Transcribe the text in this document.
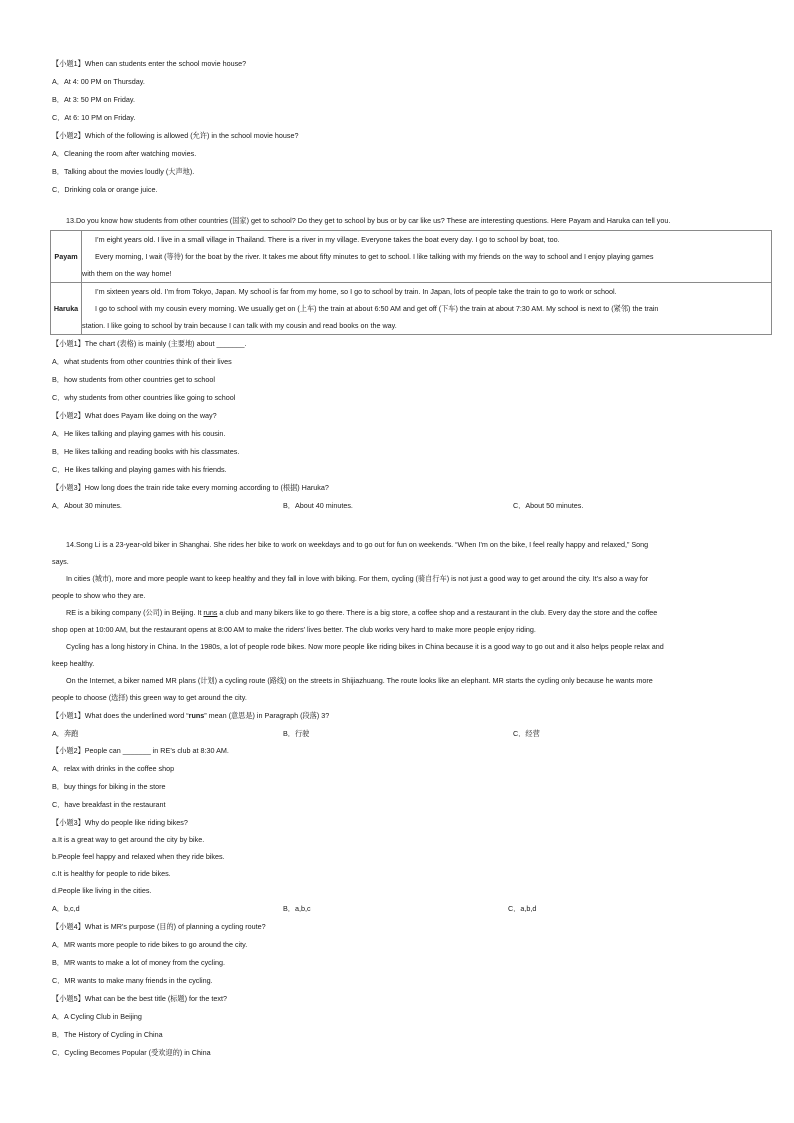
【小题1】When can students enter the school movie house?
A．At 4: 00 PM on Thursday.
B．At 3: 50 PM on Friday.
C．At 6: 10 PM on Friday.
【小题2】Which of the following is allowed (允许) in the school movie house?
A．Cleaning the room after watching movies.
B．Talking about the movies loudly (大声地).
C．Drinking cola or orange juice.
13.Do you know how students from other countries (国家) get to school? Do they get to school by bus or by car like us? These are interesting questions. Here Payam and Haruka can tell you.
Payam	I’m eight years old. I live in a small village in Thailand. There is a river in my village. Everyone takes the boat every day. I go to school by boat, too.

Every morning, I wait (等待) for the boat by the river. It takes me about fifty minutes to get to school. I like talking with my friends on the way to school and I enjoy playing games

with them on the way home!

Haruka	I’m sixteen years old. I’m from Tokyo, Japan. My school is far from my home, so I go to school by train. In Japan, lots of people take the train to go to work or school.

I go to school with my cousin every morning. We usually get on (上车) the train at about 6:50 AM and get off (下车) the train at about 7:30 AM. My school is next to (紧邻) the train

station. I like going to school by train because I can talk with my cousin and read books on the way.

【小题1】The chart (表格) is mainly (主要地) about _______.
A．what students from other countries think of their lives
B．how students from other countries get to school
C．why students from other countries like going to school
【小题2】What does Payam like doing on the way?
A．He likes talking and playing games with his cousin.
B．He likes talking and reading books with his classmates.
C．He likes talking and playing games with his friends.
【小题3】How long does the train ride take every morning according to (根据) Haruka?
A．About 30 minutes.	B．About 40 minutes.	C．About 50 minutes.
14.Song Li is a 23-year-old biker in Shanghai. She rides her bike to work on weekdays and to go out for fun on weekends. “When I’m on the bike, I feel really happy and relaxed,” Song
says.
In cities (城市), more and more people want to keep healthy and they fall in love with biking. For them, cycling (骑自行车) is not just a good way to get around the city. It’s also a way for
people to show who they are.
RE is a biking company (公司) in Beijing. It runs a club and many bikers like to go there. There is a big store, a coffee shop and a restaurant in the club. Every day the store and the coffee
shop open at 10:00 AM, but the restaurant opens at 8:00 AM to make the riders’ lives better. The club works very hard to make more people enjoy riding.
Cycling has a long history in China. In the 1980s, a lot of people rode bikes. Now more people like riding bikes in China because it is a good way to go out and it also helps people relax and
keep healthy.
On the Internet, a biker named MR plans (计划) a cycling route (路线) on the streets in Shijiazhuang. The route looks like an elephant. MR starts the cycling only because he wants more
people to choose (选择) this green way to get around the city.
【小题1】What does the underlined word “runs” mean (意思是) in Paragraph (段落) 3?
A．奔跑	B．行驶	C．经营
【小题2】People can _______ in RE’s club at 8:30 AM.
A．relax with drinks in the coffee shop
B．buy things for biking in the store
C．have breakfast in the restaurant
【小题3】Why do people like riding bikes?
a.It is a great way to get around the city by bike.
b.People feel happy and relaxed when they ride bikes.
c.It is healthy for people to ride bikes.
d.People like living in the cities.
A．b,c,d	B．a,b,c	C．a,b,d
【小题4】What is MR’s purpose (目的) of planning a cycling route?
A．MR wants more people to ride bikes to go around the city.
B．MR wants to make a lot of money from the cycling.
C．MR wants to make many friends in the cycling.
【小题5】What can be the best title (标题) for the text?
A．A Cycling Club in Beijing
B．The History of Cycling in China
C．Cycling Becomes Popular (受欢迎的) in China
